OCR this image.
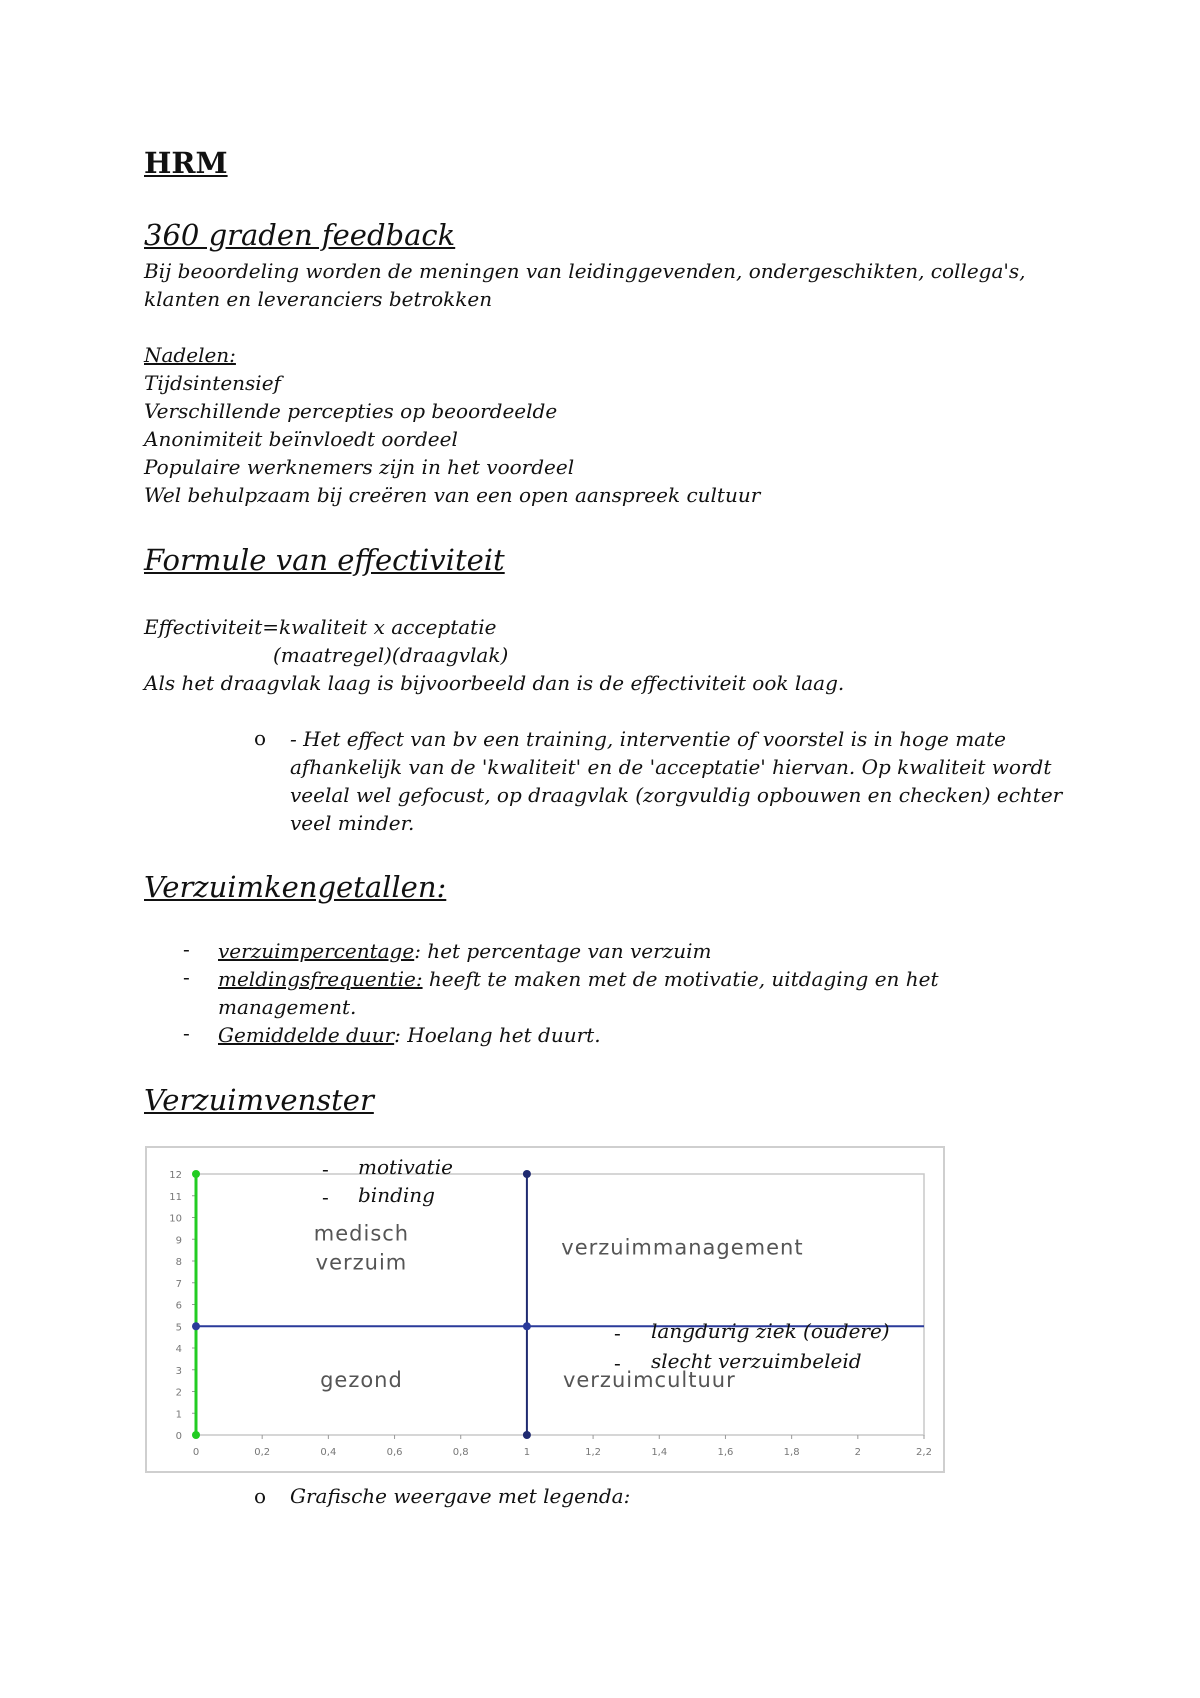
HRM
360 graden feedback
Bij beoordeling worden de meningen van leidinggevenden, ondergeschikten, collega's,
klanten en leveranciers betrokken
Nadelen:
Tijdsintensief
Verschillende percepties op beoordeelde
Anonimiteit beïnvloedt oordeel
Populaire werknemers zijn in het voordeel
Wel behulpzaam bij creëren van een open aanspreek cultuur
Formule van effectiviteit
Effectiviteit=kwaliteit x acceptatie
(maatregel)(draagvlak)
Als het draagvlak laag is bijvoorbeeld dan is de effectiviteit ook laag.
o - Het effect van bv een training, interventie of voorstel is in hoge mate afhankelijk van de 'kwaliteit' en de 'acceptatie' hiervan. Op kwaliteit wordt veelal wel gefocust, op draagvlak (zorgvuldig opbouwen en checken) echter veel minder.
Verzuimkengetallen:
- verzuimpercentage: het percentage van verzuim
- meldingsfrequentie: heeft te maken met de motivatie, uitdaging en het
management.
- Gemiddelde duur: Hoelang het duurt.
Verzuimvenster
0
1
2
3
4
5
6
7
8
9
10
11
12
0	0,2	0,4	0,6	0,8	1	1,2	1,4	1,6	1,8	2	2,2
medisch
verzuim
verzuimmanagement
gezond	verzuimcultuur
- motivatie
- binding
- langdurig ziek (oudere)
- slecht verzuimbeleid
o Grafische weergave met legenda:
